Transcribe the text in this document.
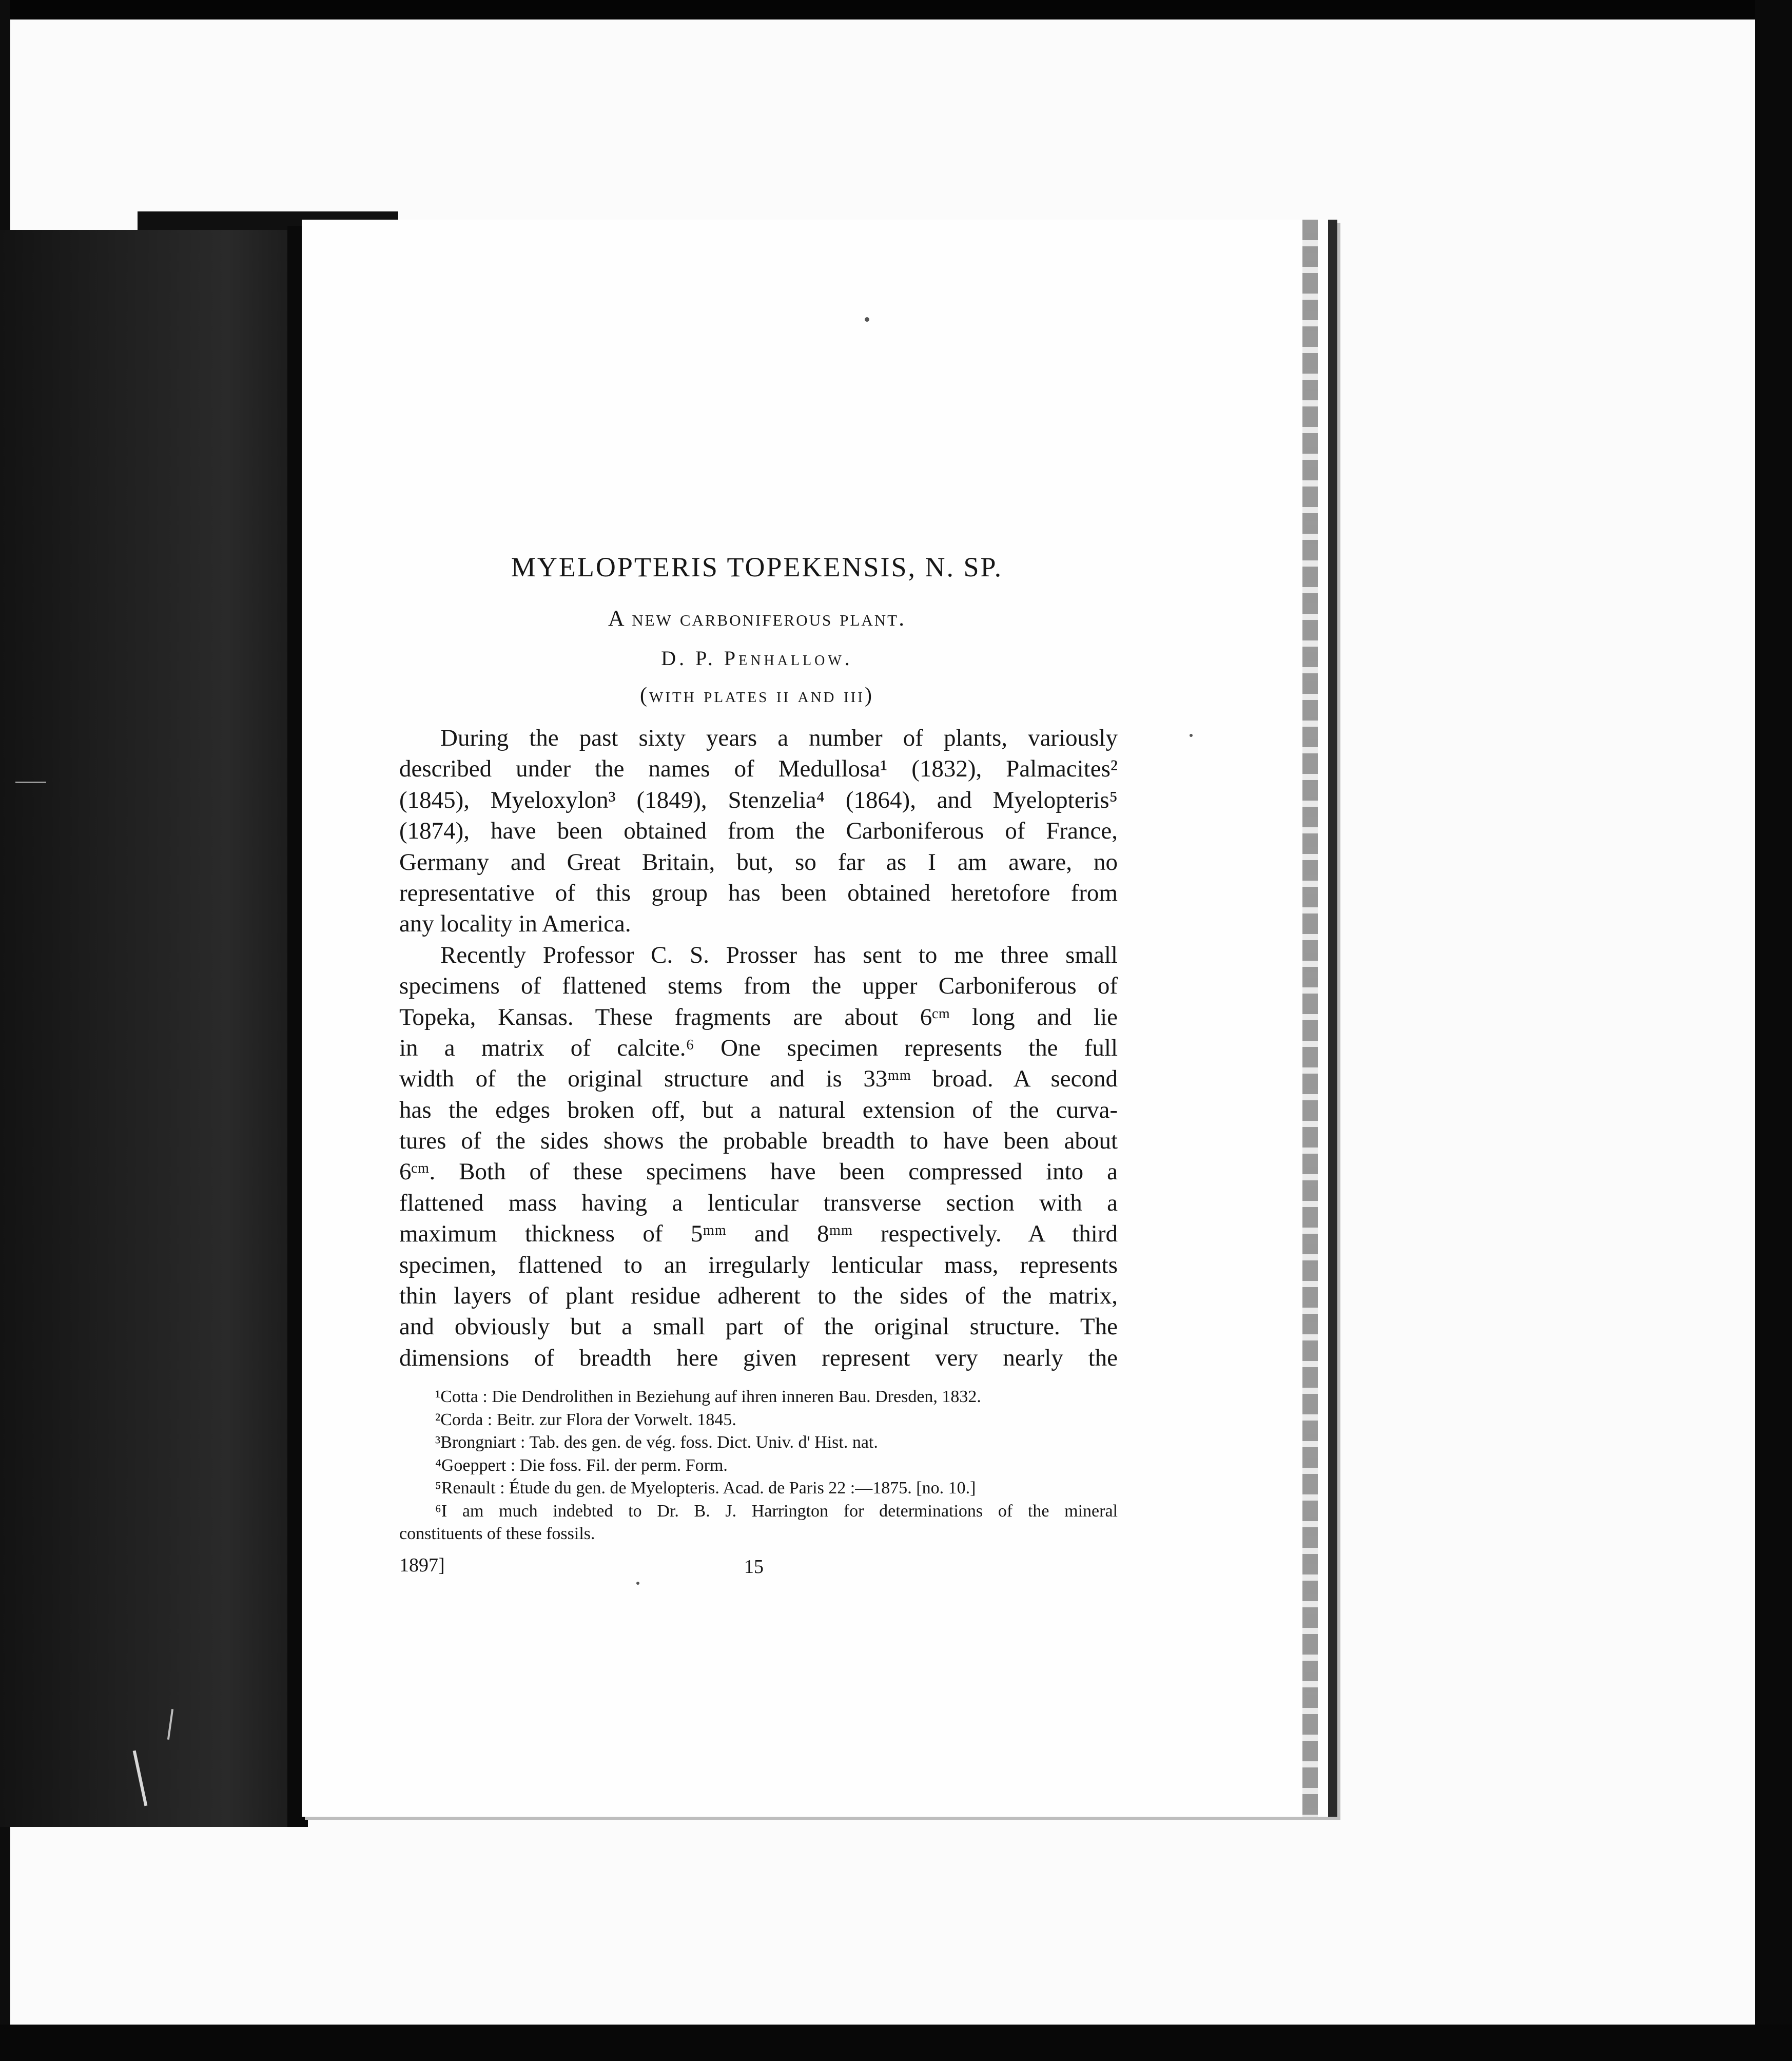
MYELOPTERIS TOPEKENSIS, N. SP.
A new carboniferous plant.
D. P. Penhallow.
(with plates ii and iii)
During the past sixty years a number of plants, variously
described under the names of Medullosa¹ (1832), Palmacites²
(1845), Myeloxylon³ (1849), Stenzelia⁴ (1864), and Myelopteris⁵
(1874), have been obtained from the Carboniferous of France,
Germany and Great Britain, but, so far as I am aware, no
representative of this group has been obtained heretofore from
any locality in America.
Recently Professor C. S. Prosser has sent to me three small
specimens of flattened stems from the upper Carboniferous of
Topeka, Kansas. These fragments are about 6ᶜᵐ long and lie
in a matrix of calcite.⁶ One specimen represents the full
width of the original structure and is 33ᵐᵐ broad. A second
has the edges broken off, but a natural extension of the curva-
tures of the sides shows the probable breadth to have been about
6ᶜᵐ. Both of these specimens have been compressed into a
flattened mass having a lenticular transverse section with a
maximum thickness of 5ᵐᵐ and 8ᵐᵐ respectively. A third
specimen, flattened to an irregularly lenticular mass, represents
thin layers of plant residue adherent to the sides of the matrix,
and obviously but a small part of the original structure. The
dimensions of breadth here given represent very nearly the
¹Cotta : Die Dendrolithen in Beziehung auf ihren inneren Bau. Dresden, 1832.
²Corda : Beitr. zur Flora der Vorwelt. 1845.
³Brongniart : Tab. des gen. de vég. foss. Dict. Univ. d' Hist. nat.
⁴Goeppert : Die foss. Fil. der perm. Form.
⁵Renault : Étude du gen. de Myelopteris. Acad. de Paris 22 :—1875. [no. 10.]
⁶I am much indebted to Dr. B. J. Harrington for determinations of the mineral
constituents of these fossils.
1897]	15
